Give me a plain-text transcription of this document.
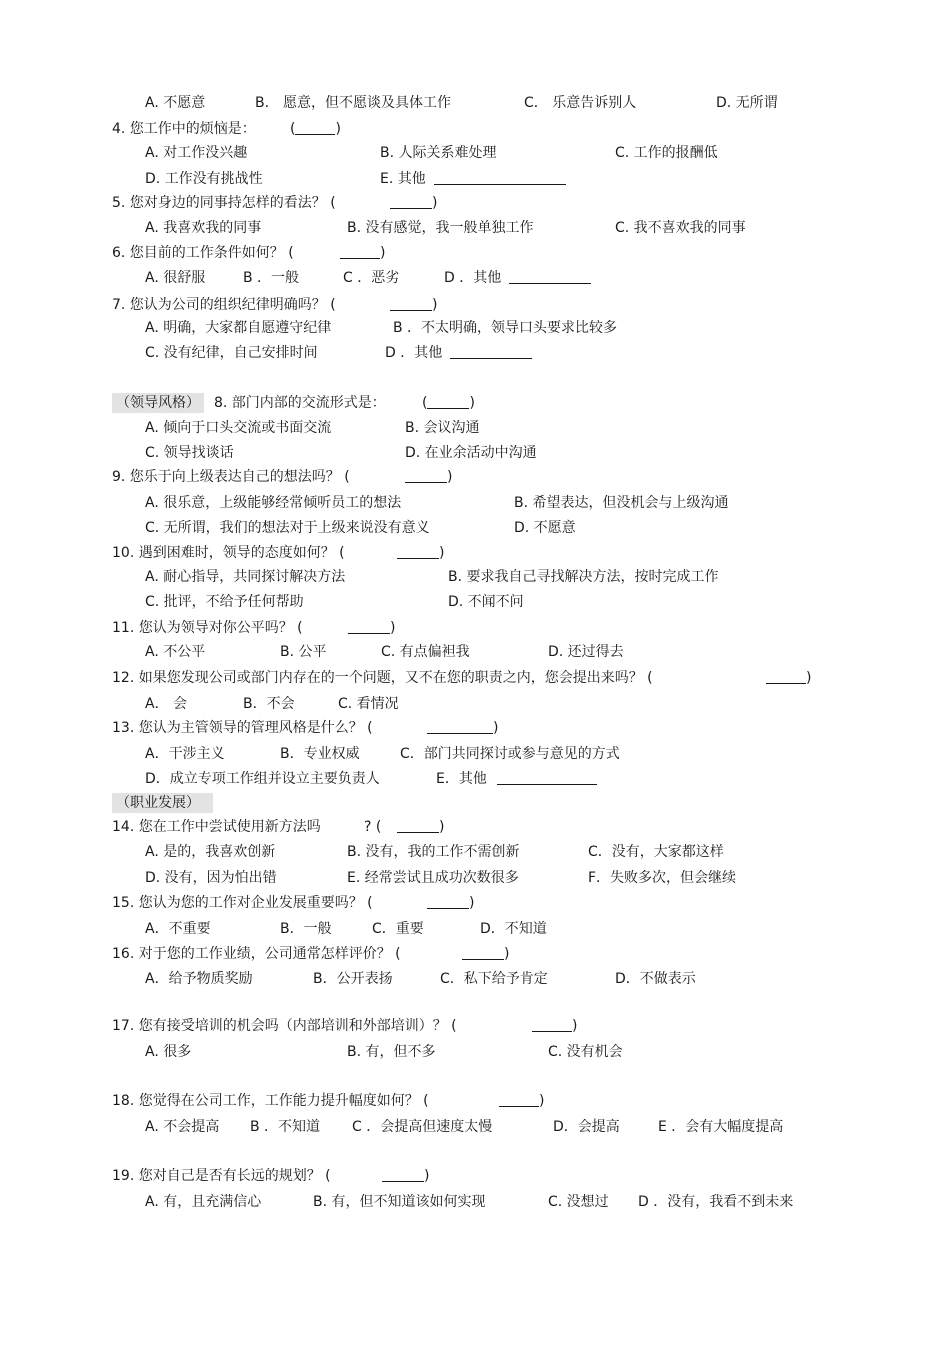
（领导风格）
（职业发展）
A. 不愿意	B． 愿意，但不愿谈及具体工作	C． 乐意告诉别人	D. 无所谓
4. 您工作中的烦恼是： (	)
A. 对工作没兴趣	B. 人际关系难处理	C. 工作的报酬低
D. 工作没有挑战性	E. 其他
5. 您对身边的同事持怎样的看法？ (	)
A. 我喜欢我的同事	B. 没有感觉，我一般单独工作	C. 我不喜欢我的同事
6. 您目前的工作条件如何？ (	)
A. 很舒服	B ．一般	C ．恶劣	D ．其他
7. 您认为公司的组织纪律明确吗？ (	)
A. 明确，大家都自愿遵守纪律	B ．不太明确，领导口头要求比较多
C. 没有纪律，自己安排时间	D ．其他
8. 部门内部的交流形式是：	(	)
A. 倾向于口头交流或书面交流	B. 会议沟通
C. 领导找谈话	D. 在业余活动中沟通
9. 您乐于向上级表达自己的想法吗？ (	)
A. 很乐意，上级能够经常倾听员工的想法	B. 希望表达，但没机会与上级沟通
C. 无所谓，我们的想法对于上级来说没有意义	D. 不愿意
10. 遇到困难时，领导的态度如何？ (	)
A. 耐心指导，共同探讨解决方法	B. 要求我自己寻找解决方法，按时完成工作
C. 批评，不给予任何帮助	D. 不闻不问
11. 您认为领导对你公平吗？ (	)
A. 不公平	B. 公平	C. 有点偏袒我	D. 还过得去
12. 如果您发现公司或部门内存在的一个问题，又不在您的职责之内，您会提出来吗？ (	)
A． 会	B．不会	C. 看情况
13. 您认为主管领导的管理风格是什么？ (	)
A．干涉主义	B．专业权威	C．部门共同探讨或参与意见的方式
D．成立专项工作组并设立主要负责人	E．其他
14. 您在工作中尝试使用新方法吗	? (	)
A. 是的，我喜欢创新	B. 没有，我的工作不需创新	C．没有，大家都这样
D. 没有，因为怕出错	E. 经常尝试且成功次数很多	F．失败多次，但会继续
15. 您认为您的工作对企业发展重要吗？ (	)
A．不重要	B．一般	C．重要	D．不知道
16. 对于您的工作业绩，公司通常怎样评价？ (	)
A．给予物质奖励	B．公开表扬	C．私下给予肯定	D．不做表示
17. 您有接受培训的机会吗（内部培训和外部培训）？ (	)
A. 很多	B. 有，但不多	C. 没有机会
18. 您觉得在公司工作，工作能力提升幅度如何？ (	)
A. 不会提高 B ．不知道 C ．会提高但速度太慢	D．会提高	E ．会有大幅度提高
19. 您对自己是否有长远的规划？ (	)
A. 有，且充满信心	B. 有，但不知道该如何实现	C. 没想过 D ．没有，我看不到未来
